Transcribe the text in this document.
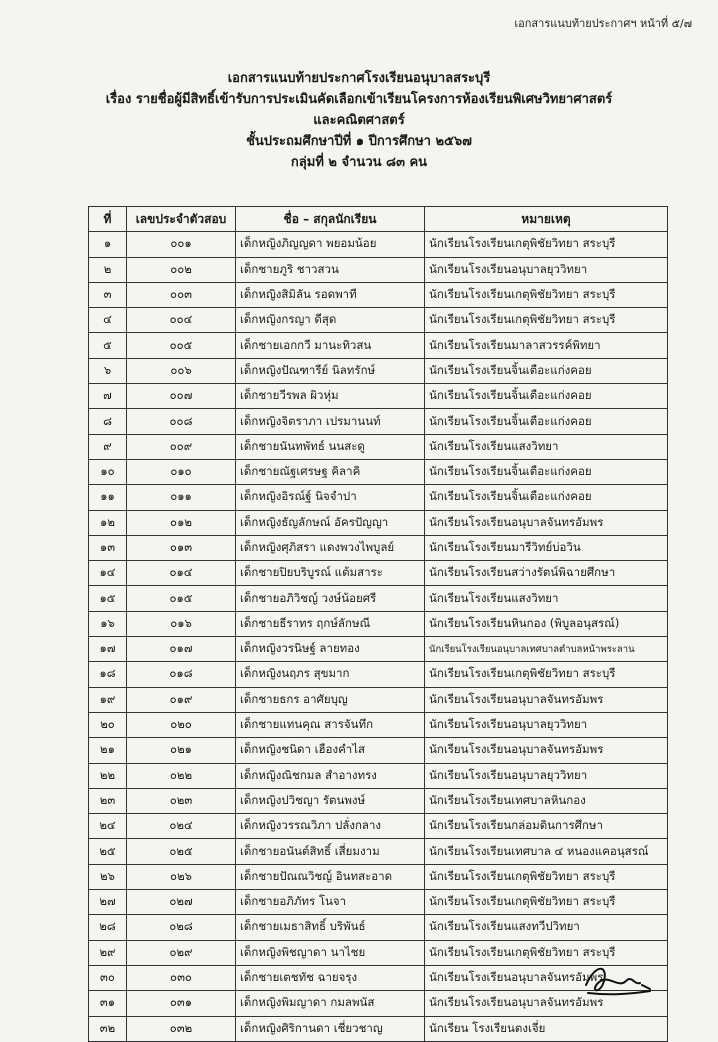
เอกสารแนบท้ายประกาศฯ หน้าที่ ๕/๗
เอกสารแนบท้ายประกาศโรงเรียนอนุบาลสระบุรี
เรื่อง รายชื่อผู้มีสิทธิ์เข้ารับการประเมินคัดเลือกเข้าเรียนโครงการห้องเรียนพิเศษวิทยาศาสตร์
และคณิตศาสตร์
ชั้นประถมศึกษาปีที่ ๑ ปีการศึกษา ๒๕๖๗
กลุ่มที่ ๒ จำนวน ๘๓ คน
ที่	เลขประจำตัวสอบ	ชื่อ – สกุลนักเรียน	หมายเหตุ
๑	๐๐๑	เด็กหญิงภิญญดา พยอมน้อย	นักเรียนโรงเรียนเกตุพิชัยวิทยา สระบุรี
๒	๐๐๒	เด็กชายภูริ ชาวสวน	นักเรียนโรงเรียนอนุบาลยุววิทยา
๓	๐๐๓	เด็กหญิงสิมิลัน รอดพาที	นักเรียนโรงเรียนเกตุพิชัยวิทยา สระบุรี
๔	๐๐๔	เด็กหญิงกรญา ดีสุด	นักเรียนโรงเรียนเกตุพิชัยวิทยา สระบุรี
๕	๐๐๕	เด็กชายเอกกวี มานะทิวสน	นักเรียนโรงเรียนมาลาสวรรค์พิทยา
๖	๐๐๖	เด็กหญิงปัณฑารีย์ นิลทรักษ์	นักเรียนโรงเรียนจิ้นเตือะแก่งคอย
๗	๐๐๗	เด็กชายวีรพล ผิวหุ่ม	นักเรียนโรงเรียนจิ้นเตือะแก่งคอย
๘	๐๐๘	เด็กหญิงจิตราภา เปรมานนท์	นักเรียนโรงเรียนจิ้นเตือะแก่งคอย
๙	๐๐๙	เด็กชายนันทพัทธ์ นนสะดู	นักเรียนโรงเรียนแสงวิทยา
๑๐	๐๑๐	เด็กชายณัฐเศรษฐ คิลาคิ	นักเรียนโรงเรียนจิ้นเตือะแก่งคอย
๑๑	๐๑๑	เด็กหญิงอิรณ์ฐ์ นิจจำปา	นักเรียนโรงเรียนจิ้นเตือะแก่งคอย
๑๒	๐๑๒	เด็กหญิงธัญลักษณ์ อัครปัญญา	นักเรียนโรงเรียนอนุบาลจันทรอัมพร
๑๓	๐๑๓	เด็กหญิงศุภิสรา แดงพวงไพบูลย์	นักเรียนโรงเรียนมารีวิทย์บ่อวิน
๑๔	๐๑๔	เด็กชายปิยบริบูรณ์ แต้มสาระ	นักเรียนโรงเรียนสว่างรัตน์พิฉายศึกษา
๑๕	๐๑๕	เด็กชายอภิวิชญ์ วงษ์น้อยศรี	นักเรียนโรงเรียนแสงวิทยา
๑๖	๐๑๖	เด็กชายธีราทร ฤกษ์ลักษณี	นักเรียนโรงเรียนหินกอง (พิบูลอนุสรณ์)
๑๗	๐๑๗	เด็กหญิงวรนิษฐ์ ลายทอง	นักเรียนโรงเรียนอนุบาลเทศบาลตำบลหน้าพระลาน
๑๘	๐๑๘	เด็กหญิงนฤภร สุขมาก	นักเรียนโรงเรียนเกตุพิชัยวิทยา สระบุรี
๑๙	๐๑๙	เด็กชายธกร อาศัยบุญ	นักเรียนโรงเรียนอนุบาลจันทรอัมพร
๒๐	๐๒๐	เด็กชายแทนคุณ สารจันทึก	นักเรียนโรงเรียนอนุบาลยุววิทยา
๒๑	๐๒๑	เด็กหญิงชนิดา เฮืองคำไส	นักเรียนโรงเรียนอนุบาลจันทรอัมพร
๒๒	๐๒๒	เด็กหญิงณิชกมล สำอางทรง	นักเรียนโรงเรียนอนุบาลยุววิทยา
๒๓	๐๒๓	เด็กหญิงปวิชญา รัตนพงษ์	นักเรียนโรงเรียนเทศบาลหินกอง
๒๔	๐๒๔	เด็กหญิงวรรณวิภา ปลั่งกลาง	นักเรียนโรงเรียนกล่อมดินการศึกษา
๒๕	๐๒๕	เด็กชายอนันต์สิทธิ์ เสี่ยมงาม	นักเรียนโรงเรียนเทศบาล ๔ หนองแคอนุสรณ์
๒๖	๐๒๖	เด็กชายปัณณวิชญ์ อินทสะอาด	นักเรียนโรงเรียนเกตุพิชัยวิทยา สระบุรี
๒๗	๐๒๗	เด็กชายอภิภัทร โนจา	นักเรียนโรงเรียนเกตุพิชัยวิทยา สระบุรี
๒๘	๐๒๘	เด็กชายเมธาสิทธิ์ บริพันธ์	นักเรียนโรงเรียนแสงทวีปวิทยา
๒๙	๐๒๙	เด็กหญิงพิชญาดา นาไชย	นักเรียนโรงเรียนเกตุพิชัยวิทยา สระบุรี
๓๐	๐๓๐	เด็กชายเตชทัช ฉายจรุง	นักเรียนโรงเรียนอนุบาลจันทรอัมพร
๓๑	๐๓๑	เด็กหญิงพิมญาดา กมลพนัส	นักเรียนโรงเรียนอนุบาลจันทรอัมพร
๓๒	๐๓๒	เด็กหญิงศิริกานดา เชี่ยวชาญ	นักเรียน โรงเรียนตงเจี่ย
